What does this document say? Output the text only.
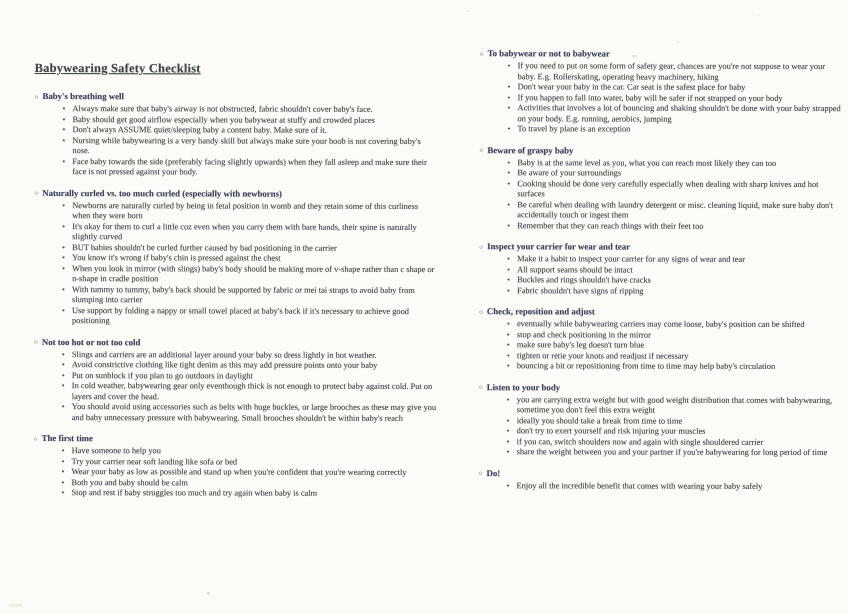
Babywearing Safety Checklist
○ Baby's breathing well
• Always make sure that baby's airway is not obstructed, fabric shouldn't cover baby's face.
• Baby should get good airflow especially when you babywear at stuffy and crowded places
• Don't always ASSUME quiet/sleeping baby a content baby. Make sure of it.
• Nursing while babywearing is a very handy skill but always make sure your boob is not covering baby's nose.
• Face baby towards the side (preferably facing slightly upwards) when they fall asleep and make sure their face is not pressed against your body.
○ Naturally curled vs. too much curled (especially with newborns)
• Newborns are naturally curled by being in fetal position in womb and they retain some of this curliness when they were born
• It's okay for them to curl a little coz even when you carry them with bare hands, their spine is naturally slightly curved
• BUT babies shouldn't be curled further caused by bad positioning in the carrier
• You know it's wrong if baby's chin is pressed against the chest
• When you look in mirror (with slings) baby's body should be making more of v-shape rather than c shape or n-shape in cradle position
• With tummy to tummy, baby's back should be supported by fabric or mei tai straps to avoid baby from slumping into carrier
• Use support by folding a nappy or small towel placed at baby's back if it's necessary to achieve good positioning
○ Not too hot or not too cold
• Slings and carriers are an additional layer around your baby so dress lightly in hot weather.
• Avoid constrictive clothing like tight denim as this may add pressure points onto your baby
• Put on sunblock if you plan to go outdoors in daylight
• In cold weather, babywearing gear only eventhough thick is not enough to protect baby against cold. Put on layers and cover the head.
• You should avoid using accessories such as belts with huge buckles, or large brooches as these may give you and baby unnecessary pressure with babywearing. Small brooches shouldn't be within baby's reach
○ The first time
• Have someone to help you
• Try your carrier near soft landing like sofa or bed
• Wear your baby as low as possible and stand up when you're confident that you're wearing correctly
• Both you and baby should be calm
• Stop and rest if baby struggles too much and try again when baby is calm
○ To babywear or not to babywear
• If you need to put on some form of safety gear, chances are you're not suppose to wear your baby. E.g. Rollerskating, operating heavy machinery, hiking
• Don't wear your baby in the car. Car seat is the safest place for baby
• If you happen to fall into water, baby will be safer if not strapped on your body
• Activities that involves a lot of bouncing and shaking shouldn't be done with your baby strapped on your body. E.g. running, aerobics, jumping
• To travel by plane is an exception
○ Beware of graspy baby
• Baby is at the same level as you, what you can reach most likely they can too
• Be aware of your surroundings
• Cooking should be done very carefully especially when dealing with sharp knives and hot surfaces
• Be careful when dealing with laundry detergent or misc. cleaning liquid, make sure baby don't accidentally touch or ingest them
• Remember that they can reach things with their feet too
○ Inspect your carrier for wear and tear
• Make it a habit to inspect your carrier for any signs of wear and tear
• All support seams should be intact
• Buckles and rings shouldn't have cracks
• Fabric shouldn't have signs of ripping
○ Check, reposition and adjust
• eventually while babywearing carriers may come loose, baby's position can be shifted
• stop and check positioning in the mirror
• make sure baby's leg doesn't turn blue
• tighten or retie your knots and readjust if necessary
• bouncing a bit or repositioning from time to time may help baby's circulation
○ Listen to your body
• you are carrying extra weight but with good weight distribution that comes with babywearing, sometime you don't feel this extra weight
• ideally you should take a break from time to time
• don't try to exert yourself and risk injuring your muscles
• if you can, switch shoulders now and again with single shouldered carrier
• share the weight between you and your partner if you're babywearing for long period of time
○ Do!
• Enjoy all the incredible benefit that comes with wearing your baby safely
